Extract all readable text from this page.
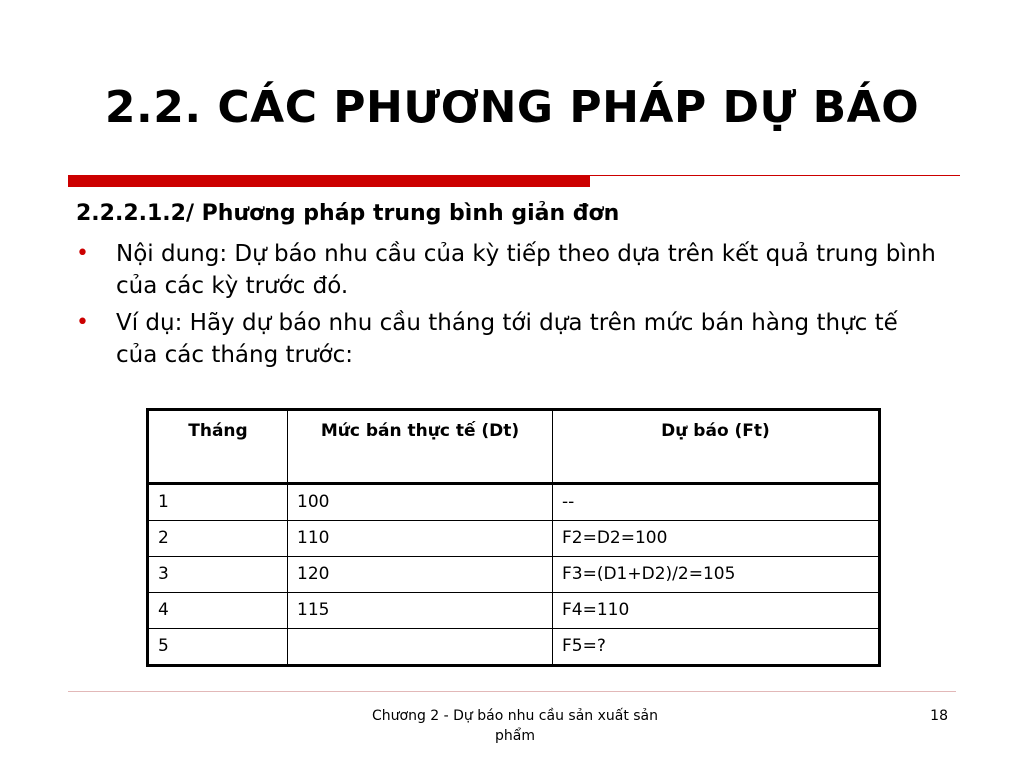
2.2. CÁC PHƯƠNG PHÁP DỰ BÁO
2.2.2.1.2/ Phương pháp trung bình giản đơn
• Nội dung: Dự báo nhu cầu của kỳ tiếp theo dựa trên kết quả trung bình của các kỳ trước đó.
• Ví dụ: Hãy dự báo nhu cầu tháng tới dựa trên mức bán hàng thực tế của các tháng trước:
Tháng	Mức bán thực tế (Dt)	Dự báo (Ft)
1	100	--
2	110	F2=D2=100
3	120	F3=(D1+D2)/2=105
4	115	F4=110
5		F5=?
Chương 2 - Dự báo nhu cầu sản xuất sản phẩm
18
